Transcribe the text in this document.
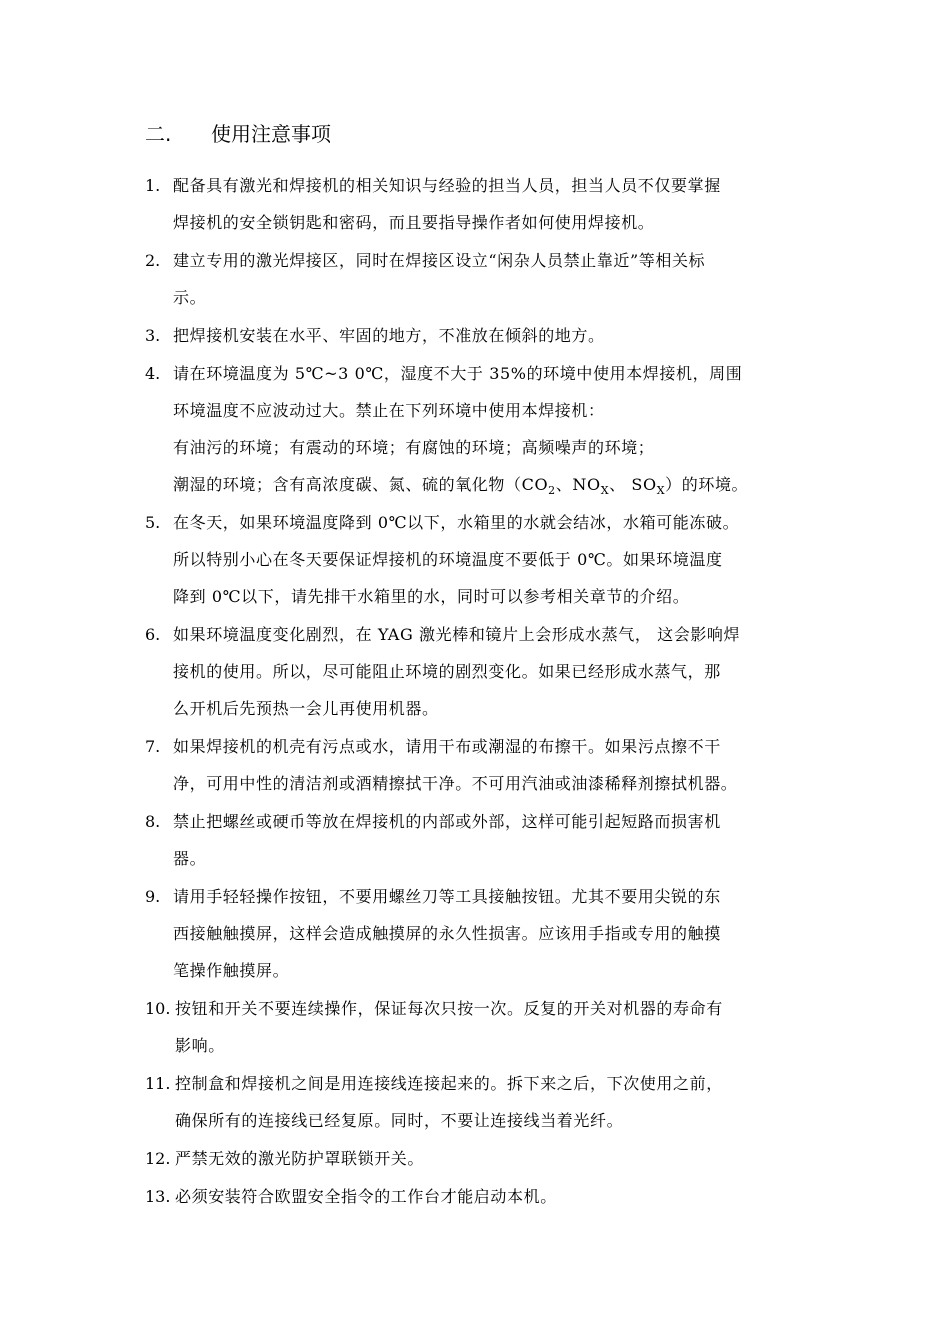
二. 使用注意事项
1. 配备具有激光和焊接机的相关知识与经验的担当人员，担当人员不仅要掌握
焊接机的安全锁钥匙和密码，而且要指导操作者如何使用焊接机。
2. 建立专用的激光焊接区，同时在焊接区设立“闲杂人员禁止靠近”等相关标
示。
3. 把焊接机安装在水平、牢固的地方，不准放在倾斜的地方。
4. 请在环境温度为 5℃~3 0℃，湿度不大于 35%的环境中使用本焊接机，周围
环境温度不应波动过大。禁止在下列环境中使用本焊接机：
有油污的环境；有震动的环境；有腐蚀的环境；高频噪声的环境；
潮湿的环境；含有高浓度碳、氮、硫的氧化物（$CO_2$、$NO_X$、 $SO_X$）的环境。
5. 在冬天，如果环境温度降到 0℃以下，水箱里的水就会结冰，水箱可能冻破。
所以特别小心在冬天要保证焊接机的环境温度不要低于 0℃。如果环境温度
降到 0℃以下，请先排干水箱里的水，同时可以参考相关章节的介绍。
6. 如果环境温度变化剧烈，在 YAG 激光棒和镜片上会形成水蒸气， 这会影响焊
接机的使用。所以，尽可能阻止环境的剧烈变化。如果已经形成水蒸气，那
么开机后先预热一会儿再使用机器。
7. 如果焊接机的机壳有污点或水，请用干布或潮湿的布擦干。如果污点擦不干
净，可用中性的清洁剂或酒精擦拭干净。不可用汽油或油漆稀释剂擦拭机器。
8. 禁止把螺丝或硬币等放在焊接机的内部或外部，这样可能引起短路而损害机
器。
9. 请用手轻轻操作按钮，不要用螺丝刀等工具接触按钮。尤其不要用尖锐的东
西接触触摸屏，这样会造成触摸屏的永久性损害。应该用手指或专用的触摸
笔操作触摸屏。
10. 按钮和开关不要连续操作，保证每次只按一次。反复的开关对机器的寿命有
影响。
11. 控制盒和焊接机之间是用连接线连接起来的。拆下来之后，下次使用之前，
确保所有的连接线已经复原。同时，不要让连接线当着光纤。
12. 严禁无效的激光防护罩联锁开关。
13. 必须安装符合欧盟安全指令的工作台才能启动本机。
